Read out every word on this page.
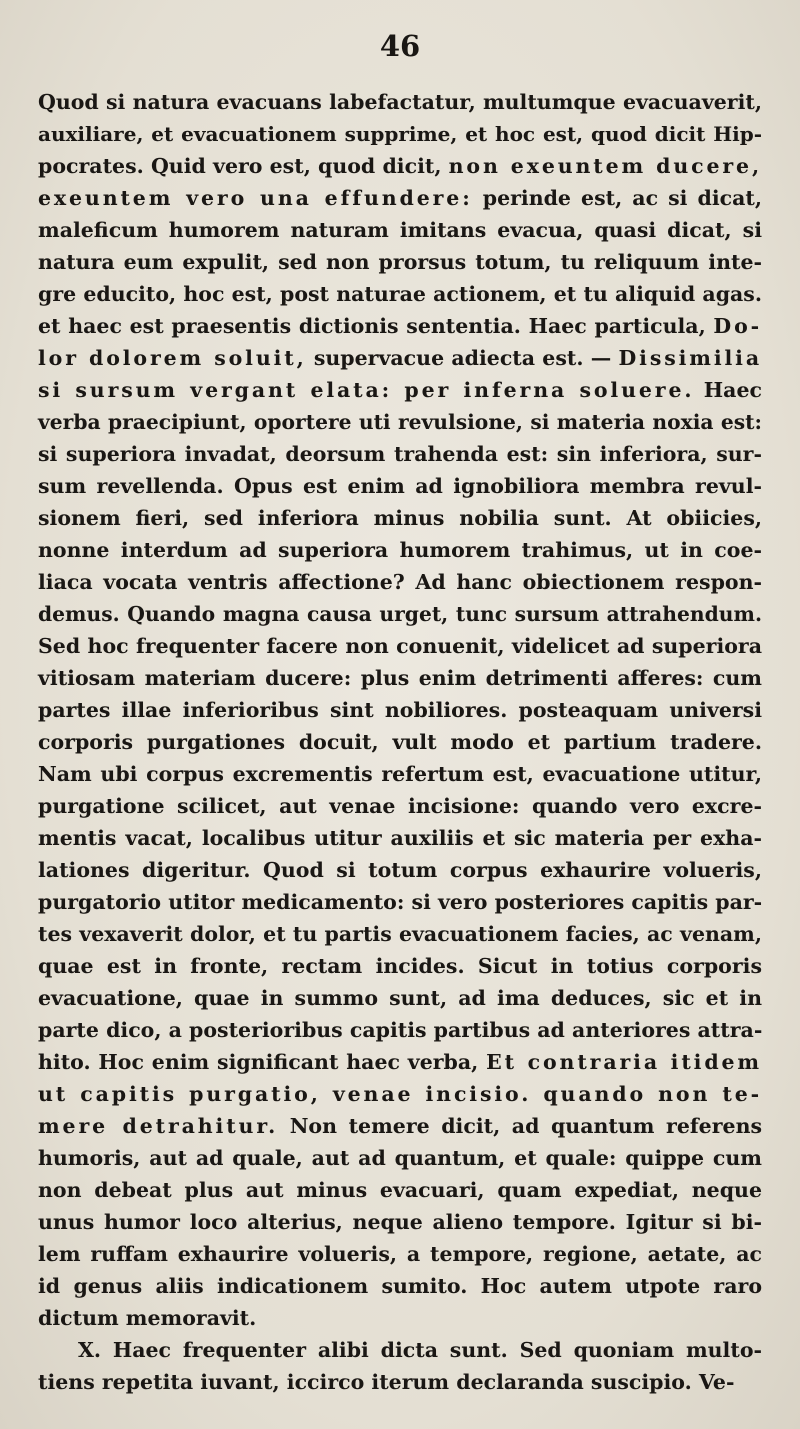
46
Quod si natura evacuans labefactatur, multumque evacuaverit,
auxiliare, et evacuationem supprime, et hoc est, quod dicit Hip-
pocrates. Quid vero est, quod dicit, non exeuntem ducere,
exeuntem vero una effundere: perinde est, ac si dicat,
maleficum humorem naturam imitans evacua, quasi dicat, si
natura eum expulit, sed non prorsus totum, tu reliquum inte-
gre educito, hoc est, post naturae actionem, et tu aliquid agas.
et haec est praesentis dictionis sententia. Haec particula, Do-
lor dolorem soluit, supervacue adiecta est. — Dissimilia
si sursum vergant elata: per inferna soluere. Haec
verba praecipiunt, oportere uti revulsione, si materia noxia est:
si superiora invadat, deorsum trahenda est: sin inferiora, sur-
sum revellenda. Opus est enim ad ignobiliora membra revul-
sionem fieri, sed inferiora minus nobilia sunt. At obiicies,
nonne interdum ad superiora humorem trahimus, ut in coe-
liaca vocata ventris affectione? Ad hanc obiectionem respon-
demus. Quando magna causa urget, tunc sursum attrahendum.
Sed hoc frequenter facere non conuenit, videlicet ad superiora
vitiosam materiam ducere: plus enim detrimenti afferes: cum
partes illae inferioribus sint nobiliores. posteaquam universi
corporis purgationes docuit, vult modo et partium tradere.
Nam ubi corpus excrementis refertum est, evacuatione utitur,
purgatione scilicet, aut venae incisione: quando vero excre-
mentis vacat, localibus utitur auxiliis et sic materia per exha-
lationes digeritur. Quod si totum corpus exhaurire volueris,
purgatorio utitor medicamento: si vero posteriores capitis par-
tes vexaverit dolor, et tu partis evacuationem facies, ac venam,
quae est in fronte, rectam incides. Sicut in totius corporis
evacuatione, quae in summo sunt, ad ima deduces, sic et in
parte dico, a posterioribus capitis partibus ad anteriores attra-
hito. Hoc enim significant haec verba, Et contraria itidem
ut capitis purgatio, venae incisio. quando non te-
mere detrahitur. Non temere dicit, ad quantum referens
humoris, aut ad quale, aut ad quantum, et quale: quippe cum
non debeat plus aut minus evacuari, quam expediat, neque
unus humor loco alterius, neque alieno tempore. Igitur si bi-
lem ruffam exhaurire volueris, a tempore, regione, aetate, ac
id genus aliis indicationem sumito. Hoc autem utpote raro
dictum memoravit.
X. Haec frequenter alibi dicta sunt. Sed quoniam multo-
tiens repetita iuvant, iccirco iterum declaranda suscipio. Ve-
